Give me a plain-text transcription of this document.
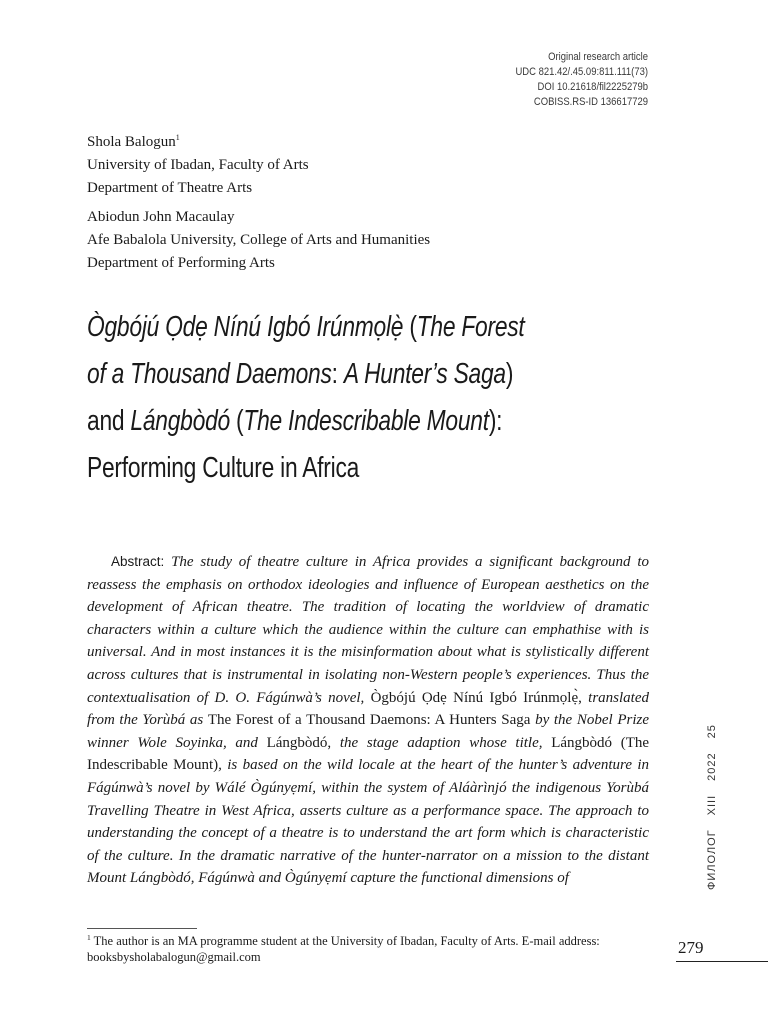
Original research article
UDC 821.42/.45.09:811.111(73)
DOI 10.21618/fil2225279b
COBISS.RS-ID 136617729
Shola Balogun$^1$
University of Ibadan, Faculty of Arts
Department of Theatre Arts
Abiodun John Macaulay
Afe Babalola University, College of Arts and Humanities
Department of Performing Arts
Ògbójú Ọdẹ Nínú Igbó Irúnmọlẹ̀ (The Forest
of a Thousand Daemons: A Hunter’s Saga)
and Lángbòdó (The Indescribable Mount):
Performing Culture in Africa

Abstract: The study of theatre culture in Africa provides a significant background to reassess the emphasis on orthodox ideologies and influence of European aesthetics on the development of African theatre. The tradition of locating the worldview of dramatic characters within a culture which the audience within the culture can emphathise with is universal. And in most instances it is the misinformation about what is stylistically different across cultures that is instrumental in isolating non-Western people’s experiences. Thus the contextualisation of D. O. Fágúnwà’s novel, Ògbójú Ọdẹ Nínú Igbó Irúnmọlẹ̀, translated from the Yorùbá as The Forest of a Thousand Daemons: A Hunters Saga by the Nobel Prize winner Wole Soyinka, and Lángbòdó, the stage adaption whose title, Lángbòdó (The Indescribable Mount), is based on the wild locale at the heart of the hunter’s adventure in Fágúnwà’s novel by Wálé Ògúnyẹmí, within the system of Aláàrìnjó the indigenous Yorùbá Travelling Theatre in West Africa, asserts culture as a performance space. The approach to understanding the concept of a theatre is to understand the art form which is characteristic of the culture. In the dramatic narrative of the hunter-narrator on a mission to the distant Mount Lángbòdó, Fágúnwà and Ògúnyẹmí capture the functional dimensions of

$^1$ The author is an MA programme student at the University of Ibadan, Faculty of Arts. E-mail address: booksbysholabalogun@gmail.com	279
ФИЛОЛОГXIII202225
